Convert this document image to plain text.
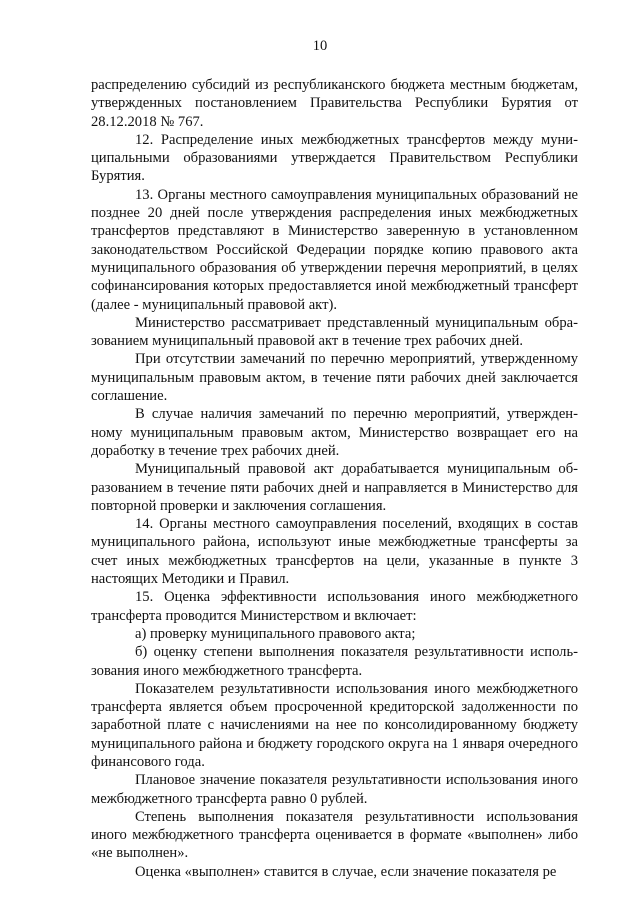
10

распределению субсидий из республиканского бюджета местным бюджетам, утвержденных постановлением Правительства Республики Бурятия от 28.12.2018 № 767.

12. Распределение иных межбюджетных трансфертов между муниципальными образованиями утверждается Правительством Республики Бурятия.

13. Органы местного самоуправления муниципальных образований не позднее 20 дней после утверждения распределения иных межбюджетных трансфертов представляют в Министерство заверенную в установленном законодательством Российской Федерации порядке копию правового акта муниципального образования об утверждении перечня мероприятий, в целях софинансирования которых предоставляется иной межбюджетный трансферт (далее - муниципальный правовой акт).

Министерство рассматривает представленный муниципальным образованием муниципальный правовой акт в течение трех рабочих дней.

При отсутствии замечаний по перечню мероприятий, утвержденному муниципальным правовым актом, в течение пяти рабочих дней заключается соглашение.

В случае наличия замечаний по перечню мероприятий, утвержденному муниципальным правовым актом, Министерство возвращает его на доработку в течение трех рабочих дней.

Муниципальный правовой акт дорабатывается муниципальным образованием в течение пяти рабочих дней и направляется в Министерство для повторной проверки и заключения соглашения.

14. Органы местного самоуправления поселений, входящих в состав муниципального района, используют иные межбюджетные трансферты за счет иных межбюджетных трансфертов на цели, указанные в пункте 3 настоящих Методики и Правил.

15. Оценка эффективности использования иного межбюджетного трансферта проводится Министерством и включает:

а) проверку муниципального правового акта;

б) оценку степени выполнения показателя результативности использования иного межбюджетного трансферта.

Показателем результативности использования иного межбюджетного трансферта является объем просроченной кредиторской задолженности по заработной плате с начислениями на нее по консолидированному бюджету муниципального района и бюджету городского округа на 1 января очередного финансового года.

Плановое значение показателя результативности использования иного межбюджетного трансферта равно 0 рублей.

Степень выполнения показателя результативности использования иного межбюджетного трансферта оценивается в формате «выполнен» либо «не выполнен».

Оценка «выполнен» ставится в случае, если значение показателя ре
